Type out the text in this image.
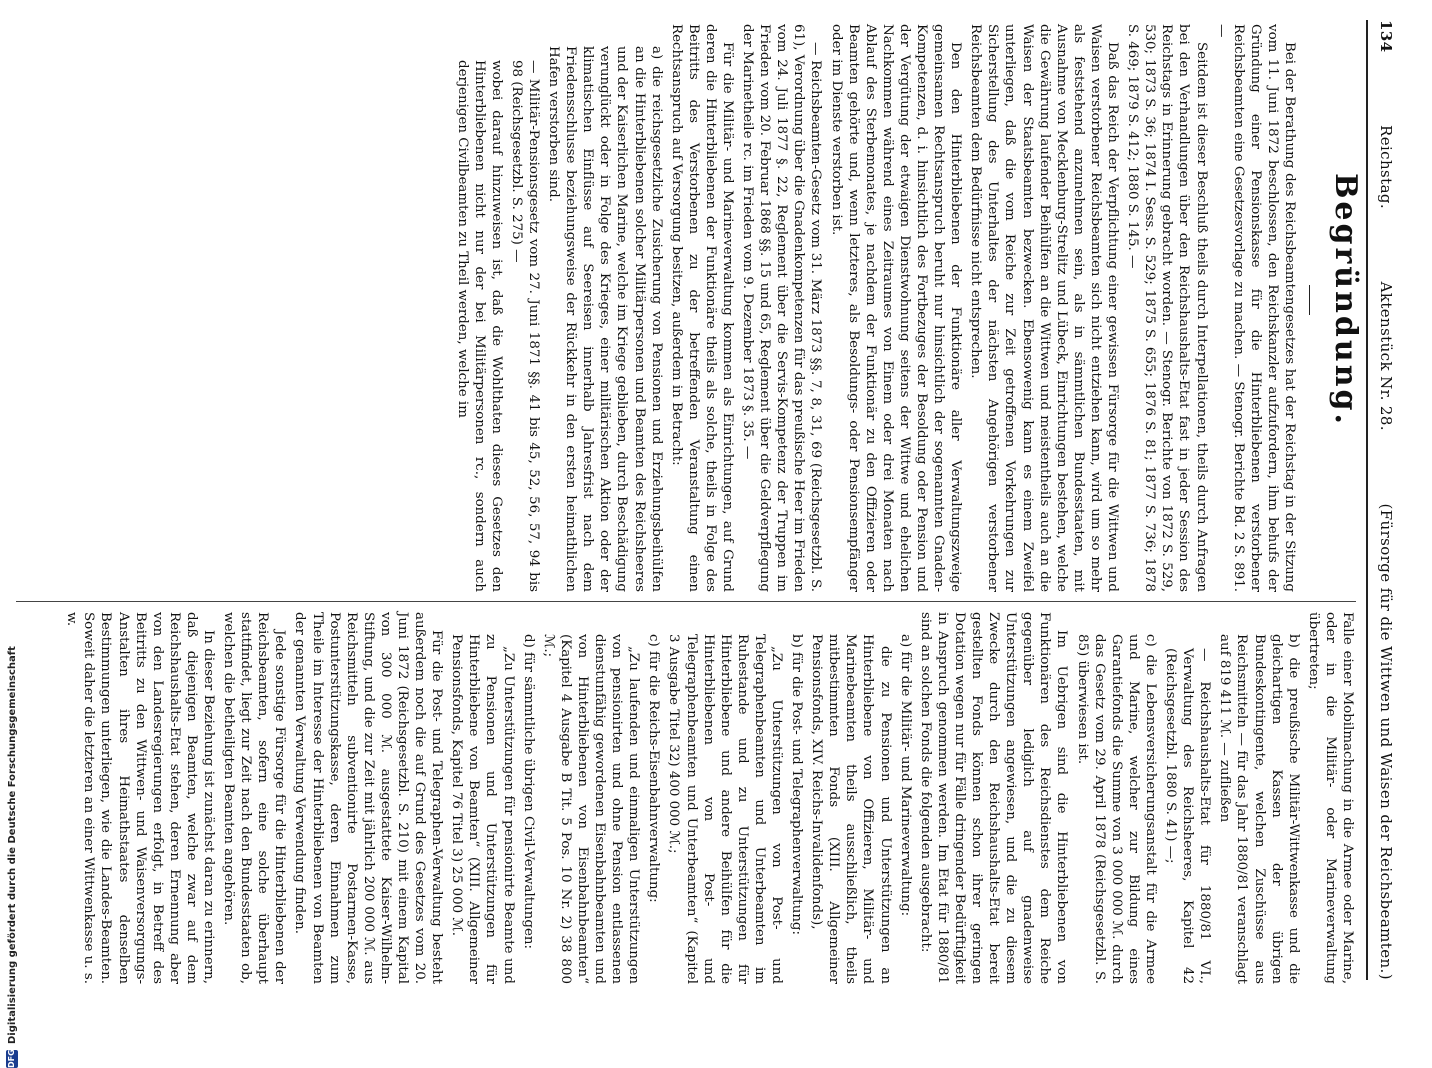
134
Reichstag.
Aktenstück Nr. 28.
(Fürsorge für die Wittwen und Waisen der Reichsbeamten.)
Begründung.

Bei der Berathung des Reichsbeamtengesetzes hat der Reichstag in der Sitzung vom 11. Juni 1872 beschlossen, den Reichskanzler aufzufordern, ihm behufs der Gründung einer Pensionskasse für die Hinterbliebenen verstorbener Reichsbeamten eine Gesetzesvorlage zu machen. — Stenogr. Berichte Bd. 2 S. 891. —

Seitdem ist dieser Beschluß theils durch Interpellationen, theils durch Anfragen bei den Verhandlungen über den Reichshaushalts-Etat fast in jeder Session des Reichstags in Erinnerung gebracht worden. — Stenogr. Berichte von 1872 S. 529, 530; 1873 S. 36; 1874 I. Sess. S. 529; 1875 S. 655; 1876 S. 81; 1877 S. 736; 1878 S. 469; 1879 S. 412; 1880 S. 145. —

Daß das Reich der Verpflichtung einer gewissen Fürsorge für die Wittwen und Waisen verstorbener Reichsbeamten sich nicht entziehen kann, wird um so mehr als feststehend anzunehmen sein, als in sämmtlichen Bundesstaaten, mit Ausnahme von Mecklenburg-Strelitz und Lübeck, Einrichtungen bestehen, welche die Gewährung laufender Beihülfen an die Wittwen und meistentheils auch an die Waisen der Staatsbeamten bezwecken. Ebensowenig kann es einem Zweifel unterliegen, daß die vom Reiche zur Zeit getroffenen Vorkehrungen zur Sicherstellung des Unterhaltes der nächsten Angehörigen verstorbener Reichsbeamten dem Bedürfnisse nicht entsprechen.

Den den Hinterbliebenen der Funktionäre aller Verwaltungszweige gemeinsamen Rechtsanspruch beruht nur hinsichtlich der sogenannten Gnaden-Kompetenzen, d. i. hinsichtlich des Fortbezuges der Besoldung oder Pension und der Vergütung der etwaigen Dienstwohnung seitens der Wittwe und ehelichen Nachkommen während eines Zeitraumes von Einem oder drei Monaten nach Ablauf des Sterbemonates, je nachdem der Funktionär zu den Offizieren oder Beamten gehörte und, wenn letzteres, als Besoldungs- oder Pensionsempfänger oder im Dienste verstorben ist.

— Reichsbeamten-Gesetz vom 31. März 1873 §§. 7, 8, 31, 69 (Reichsgesetzbl. S. 61), Verordnung über die Gnadenkompetenzen für das preußische Heer im Frieden vom 24. Juli 1877 §. 22, Reglement über die Servis-Kompetenz der Truppen im Frieden vom 20. Februar 1868 §§. 15 und 65, Reglement über die Geldverpflegung der Marinetheile rc. im Frieden vom 9. Dezember 1873 §. 35. —

Für die Militär- und Marineverwaltung kommen als Einrichtungen, auf Grund deren die Hinterbliebenen der Funktionäre theils als solche, theils in Folge des Beitritts des Verstorbenen zu der betreffenden Veranstaltung einen Rechtsanspruch auf Versorgung besitzen, außerdem in Betracht:

a) die reichsgesetzliche Zusicherung von Pensionen und Erziehungsbeihülfen an die Hinterbliebenen solcher Militärpersonen und Beamten des Reichsheeres und der Kaiserlichen Marine, welche im Kriege geblieben, durch Beschädigung verunglückt oder in Folge des Krieges, einer militärischen Aktion oder der klimatischen Einflüsse auf Seereisen innerhalb Jahresfrist nach dem Friedensschlusse beziehungsweise der Rückkehr in den ersten heimathlichen Hafen verstorben sind.

— Militär-Pensionsgesetz vom 27. Juni 1871 §§. 41 bis 45, 52, 56, 57, 94 bis 98 (Reichsgesetzbl. S. 275) —

wobei darauf hinzuweisen ist, daß die Wohlthaten dieses Gesetzes den Hinterbliebenen nicht nur der bei Militärpersonen rc., sondern auch derjenigen Civilbeamten zu Theil werden, welche im

Falle einer Mobilmachung in die Armee oder Marine, oder in die Militär- oder Marineverwaltung übertreten;

b) die preußische Militär-Wittwenkasse und die gleichartigen Kassen der übrigen Bundeskontingente, welchen Zuschüsse aus Reichsmitteln — für das Jahr 1880/81 veranschlagt auf 819 411 ℳ. — zufließen

— Reichshaushalts-Etat für 1880/81 VI., Verwaltung des Reichsheeres, Kapitel 42 (Reichsgesetzbl. 1880 S. 41) —;

c) die Lebensversicherungsanstalt für die Armee und Marine, welcher zur Bildung eines Garantiefonds die Summe von 3 000 000 ℳ. durch das Gesetz vom 29. April 1878 (Reichsgesetzbl. S. 85) überwiesen ist.

Im Uebrigen sind die Hinterbliebenen von Funktionären des Reichsdienstes dem Reiche gegenüber lediglich auf gnadenweise Unterstützungen angewiesen, und die zu diesem Zwecke durch den Reichshaushalts-Etat bereit gestellten Fonds können schon ihrer geringen Dotation wegen nur für Fälle dringender Bedürftigkeit in Anspruch genommen werden. Im Etat für 1880/81 sind an solchen Fonds die folgenden ausgebracht:

a) für die Militär- und Marineverwaltung:

die zu Pensionen und Unterstützungen an Hinterbliebene von Offizieren, Militär- und Marinebeamten theils ausschließlich, theils mitbestimmten Fonds (XIII. Allgemeiner Pensionsfonds, XIV. Reichs-Invalidenfonds),

b) für die Post- und Telegraphenverwaltung:

„Zu Unterstützungen von Post- und Telegraphenbeamten und Unterbeamten im Ruhestande und zu Unterstützungen für Hinterbliebene und andere Beihülfen für die Hinterbliebenen von Post- und Telegraphenbeamten und Unterbeamten“ (Kapitel 3 Ausgabe Titel 32) 400 000 ℳ.;

c) für die Reichs-Eisenbahnverwaltung:

„Zu laufenden und einmaligen Unterstützungen von pensionirten und ohne Pension entlassenen dienstunfähig gewordenen Eisenbahnbeamten und von Hinterbliebenen von Eisenbahnbeamten“ (Kapitel 4 Ausgabe B Tit. 5 Pos. 10 Nr. 2) 38 800 ℳ.;

d) für sämmtliche übrigen Civil-Verwaltungen:

„Zu Unterstützungen für pensionirte Beamte und zu Pensionen und Unterstützungen für Hinterbliebene von Beamten“ (XIII. Allgemeiner Pensionsfonds, Kapitel 76 Titel 3) 25 000 ℳ.

Für die Post- und Telegraphen-Verwaltung besteht außerdem noch die auf Grund des Gesetzes vom 20. Juni 1872 (Reichsgesetzbl. S. 210) mit einem Kapital von 300 000 ℳ. ausgestattete Kaiser-Wilhelm-Stiftung, und die zur Zeit mit jährlich 200 000 ℳ. aus Reichsmitteln subventionirte Postarmen-Kasse, Postunterstützungskasse, deren Einnahmen zum Theile im Interesse der Hinterbliebenen von Beamten der genannten Verwaltung Verwendung finden.

Jede sonstige Fürsorge für die Hinterbliebenen der Reichsbeamten, sofern eine solche überhaupt stattfindet, liegt zur Zeit nach den Bundesstaaten ob, welchen die betheiligten Beamten angehören.

In dieser Beziehung ist zunächst daran zu erinnern, daß diejenigen Beamten, welche zwar auf dem Reichshaushalts-Etat stehen, deren Ernennung aber von den Landesregierungen erfolgt, in Betreff des Beitritts zu den Wittwen- und Waisenversorgungs-Anstalten ihres Heimathstaates denselben Bestimmungen unterliegen, wie die Landes-Beamten. Soweit daher die letzteren an einer Wittwenkasse u. s. w.

DFG
Digitalisierung gefördert durch die Deutsche Forschungsgemeinschaft
